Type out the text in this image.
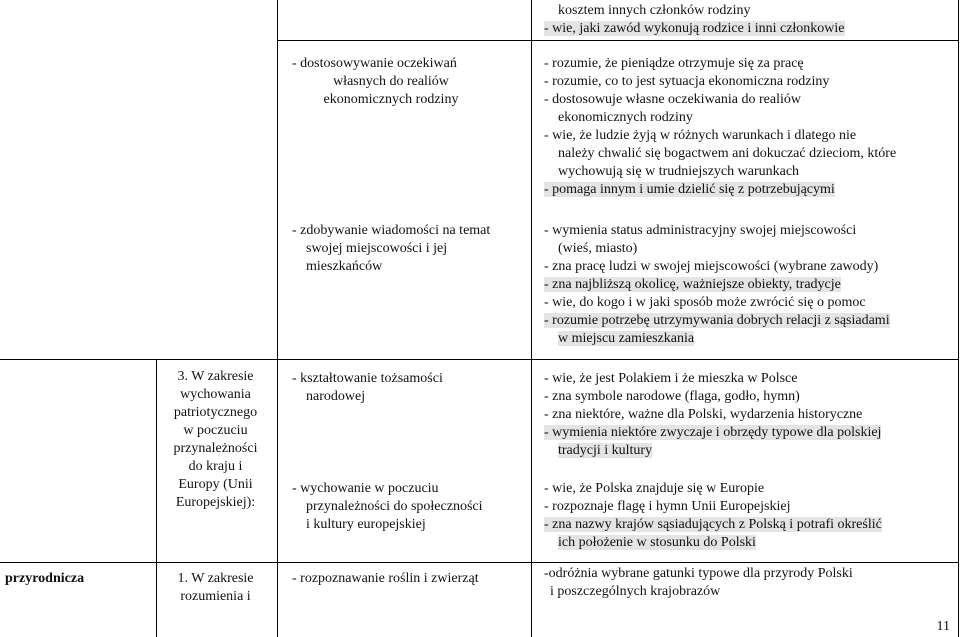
przyrodnicza
3. W zakresie
wychowania
patriotycznego
w poczuciu
przynależności
do kraju i
Europy (Unii
Europejskiej):
1. W zakresie
rozumienia i
- dostosowywanie oczekiwań
własnych do realiów
ekonomicznych rodziny
- zdobywanie wiadomości na temat
swojej miejscowości i jej
mieszkańców
- kształtowanie tożsamości
narodowej
- wychowanie w poczuciu
przynależności do społeczności
i kultury europejskiej
- rozpoznawanie roślin i zwierząt
kosztem innych członków rodziny
- wie, jaki zawód wykonują rodzice i inni członkowie
- rozumie, że pieniądze otrzymuje się za pracę
- rozumie, co to jest sytuacja ekonomiczna rodziny
- dostosowuje własne oczekiwania do realiów
ekonomicznych rodziny
- wie, że ludzie żyją w różnych warunkach i dlatego nie
należy chwalić się bogactwem ani dokuczać dzieciom, które
wychowują się w trudniejszych warunkach
- pomaga innym i umie dzielić się z potrzebującymi
- wymienia status administracyjny swojej miejscowości
(wieś, miasto)
- zna pracę ludzi w swojej miejscowości (wybrane zawody)
- zna najbliższą okolicę, ważniejsze obiekty, tradycje
- wie, do kogo i w jaki sposób może zwrócić się o pomoc
- rozumie potrzebę utrzymywania dobrych relacji z sąsiadami
w miejscu zamieszkania
- wie, że jest Polakiem i że mieszka w Polsce
- zna symbole narodowe (flaga, godło, hymn)
- zna niektóre, ważne dla Polski, wydarzenia historyczne
- wymienia niektóre zwyczaje i obrzędy typowe dla polskiej
tradycji i kultury
- wie, że Polska znajduje się w Europie
- rozpoznaje flagę i hymn Unii Europejskiej
- zna nazwy krajów sąsiadujących z Polską i potrafi określić
ich położenie w stosunku do Polski
-odróżnia wybrane gatunki typowe dla przyrody Polski
i poszczególnych krajobrazów
11
